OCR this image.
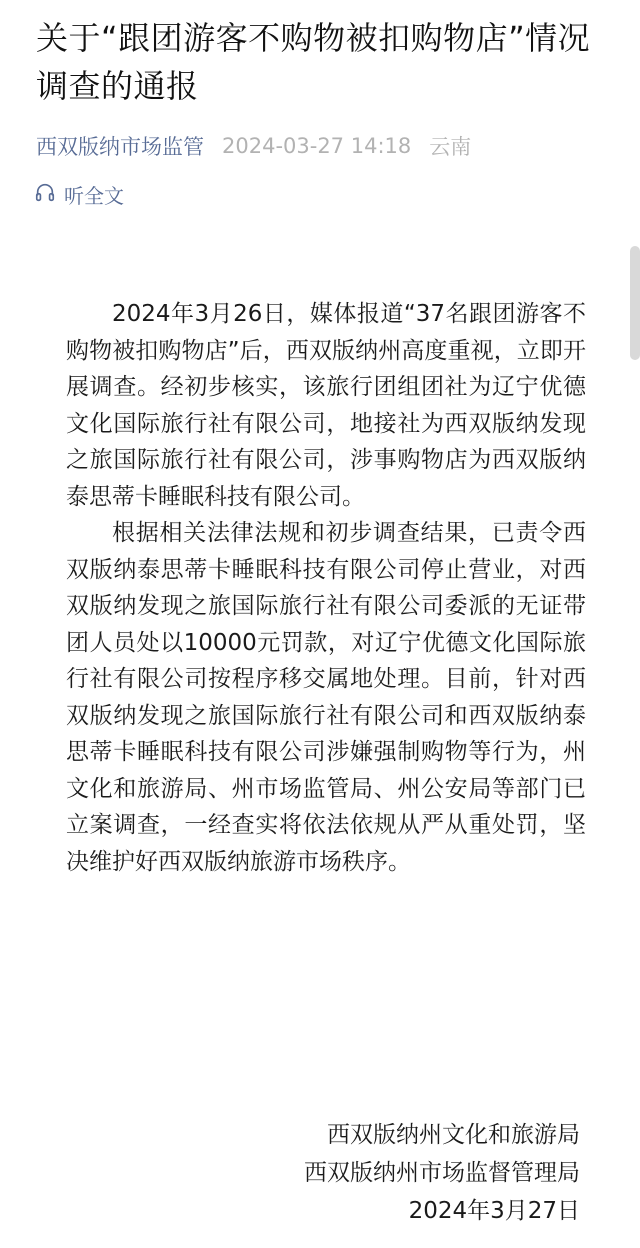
关于“跟团游客不购物被扣购物店”情况调查的通报
西双版纳市场监管 2024-03-27 14:18 云南
听全文

2024年3月26日，媒体报道“37名跟团游客不购物被扣购物店”后，西双版纳州高度重视，立即开展调查。经初步核实，该旅行团组团社为辽宁优德文化国际旅行社有限公司，地接社为西双版纳发现之旅国际旅行社有限公司，涉事购物店为西双版纳泰思蒂卡睡眠科技有限公司。

根据相关法律法规和初步调查结果，已责令西双版纳泰思蒂卡睡眠科技有限公司停止营业，对西双版纳发现之旅国际旅行社有限公司委派的无证带团人员处以10000元罚款，对辽宁优德文化国际旅行社有限公司按程序移交属地处理。目前，针对西双版纳发现之旅国际旅行社有限公司和西双版纳泰思蒂卡睡眠科技有限公司涉嫌强制购物等行为，州文化和旅游局、州市场监管局、州公安局等部门已立案调查，一经查实将依法依规从严从重处罚，坚决维护好西双版纳旅游市场秩序。

西双版纳州文化和旅游局
西双版纳州市场监督管理局
2024年3月27日
